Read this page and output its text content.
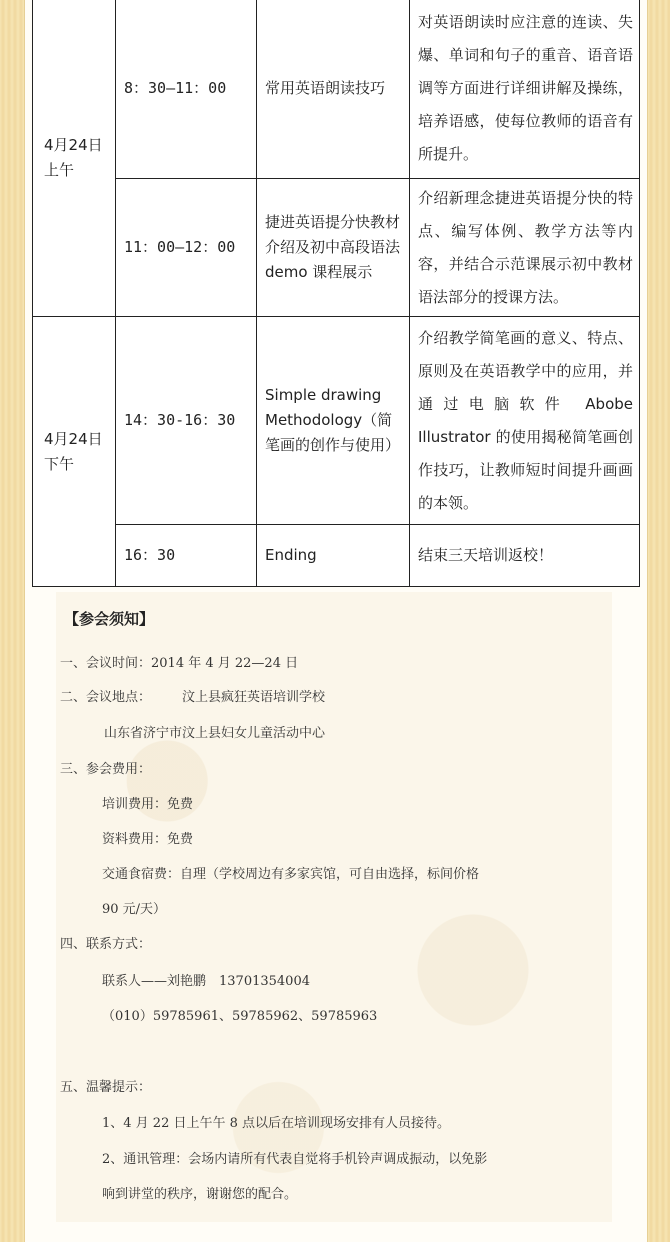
4月24日上午	8：30—11：00	常用英语朗读技巧	对英语朗读时应注意的连读、失爆、单词和句子的重音、语音语调等方面进行详细讲解及操练，培养语感，使每位教师的语音有所提升。
	11：00—12：00	捷进英语提分快教材介绍及初中高段语法 demo 课程展示	介绍新理念捷进英语提分快的特点、编写体例、教学方法等内容，并结合示范课展示初中教材语法部分的授课方法。

4月24日下午	14：30-16：30	Simple drawing Methodology（简笔画的创作与使用）	介绍教学简笔画的意义、特点、原则及在英语教学中的应用，并通过电脑软件 Abobe Illustrator 的使用揭秘简笔画创作技巧，让教师短时间提升画画的本领。
	16：30	Ending	结束三天培训返校！
【参会须知】
一、会议时间：2014 年 4 月 22—24 日
二、会议地点： 汶上县疯狂英语培训学校
山东省济宁市汶上县妇女儿童活动中心
三、参会费用：
培训费用：免费
资料费用：免费
交通食宿费：自理（学校周边有多家宾馆，可自由选择，标间价格
90 元/天）
四、联系方式：
联系人——刘艳鹏　13701354004
（010）59785961、59785962、59785963
五、温馨提示：
1、4 月 22 日上午午 8 点以后在培训现场安排有人员接待。
2、通讯管理：会场内请所有代表自觉将手机铃声调成振动，以免影
响到讲堂的秩序，谢谢您的配合。
